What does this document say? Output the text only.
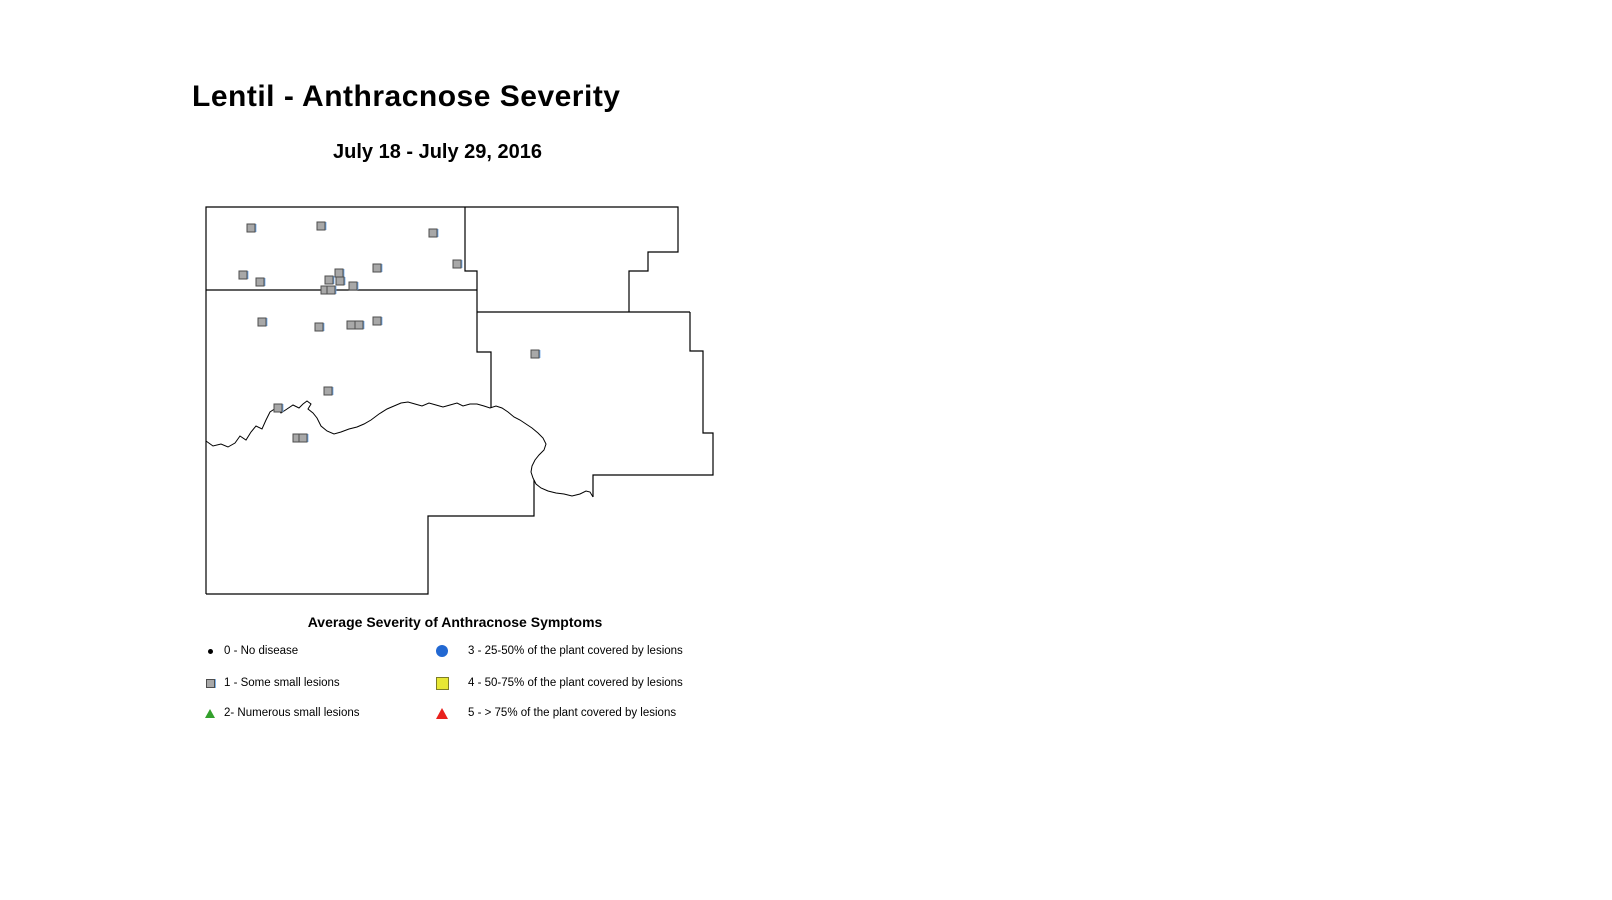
Lentil - Anthracnose Severity
July 18 - July 29, 2016
Average Severity of Anthracnose Symptoms
0 - No disease
1 - Some small lesions
2- Numerous small lesions
3 - 25-50% of the plant covered by lesions
4 - 50-75% of the plant covered by lesions
5 - > 75% of the plant covered by lesions
